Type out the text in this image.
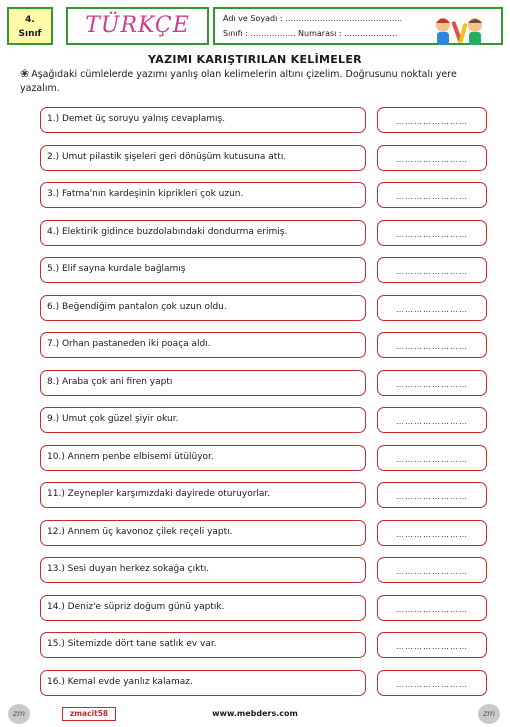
4.
Sınıf	TÜRKÇE	Adı ve Soyadı : ……………………………………..
Sınıfı : …………….. Numarası : ………………..
YAZIMI KARIŞTIRILAN KELİMELER
❀ Aşağıdaki cümlelerde yazımı yanlış olan kelimelerin altını çizelim. Doğrusunu noktalı yere yazalım.
1.) Demet üç soruyu yalnış cevaplamış.	……………………
2.) Umut pilastik şişeleri geri dönüşüm kutusuna attı.	……………………
3.) Fatma'nın kardeşinin kiprikleri çok uzun.	……………………
4.) Elektirik gidince buzdolabındaki dondurma erimiş.	……………………
5.) Elif sayna kurdale bağlamış	……………………
6.) Beğendiğim pantalon çok uzun oldu.	……………………
7.) Orhan pastaneden iki poaça aldı.	……………………
8.) Araba çok ani firen yaptı	……………………
9.) Umut çok güzel şiyir okur.	……………………
10.) Annem penbe elbisemi ütülüyor.	……………………
11.) Zeynepler karşımızdaki dayirede oturuyorlar.	……………………
12.) Annem üç kavonoz çilek reçeli yaptı.	……………………
13.) Sesi duyan herkez sokağa çıktı.	……………………
14.) Deniz'e süpriz doğum günü yaptık.	……………………
15.) Sitemizde dört tane satlık ev var.	……………………
16.) Kemal evde yanlız kalamaz.	……………………
zm	zmacit58	www.mebders.com	zm
